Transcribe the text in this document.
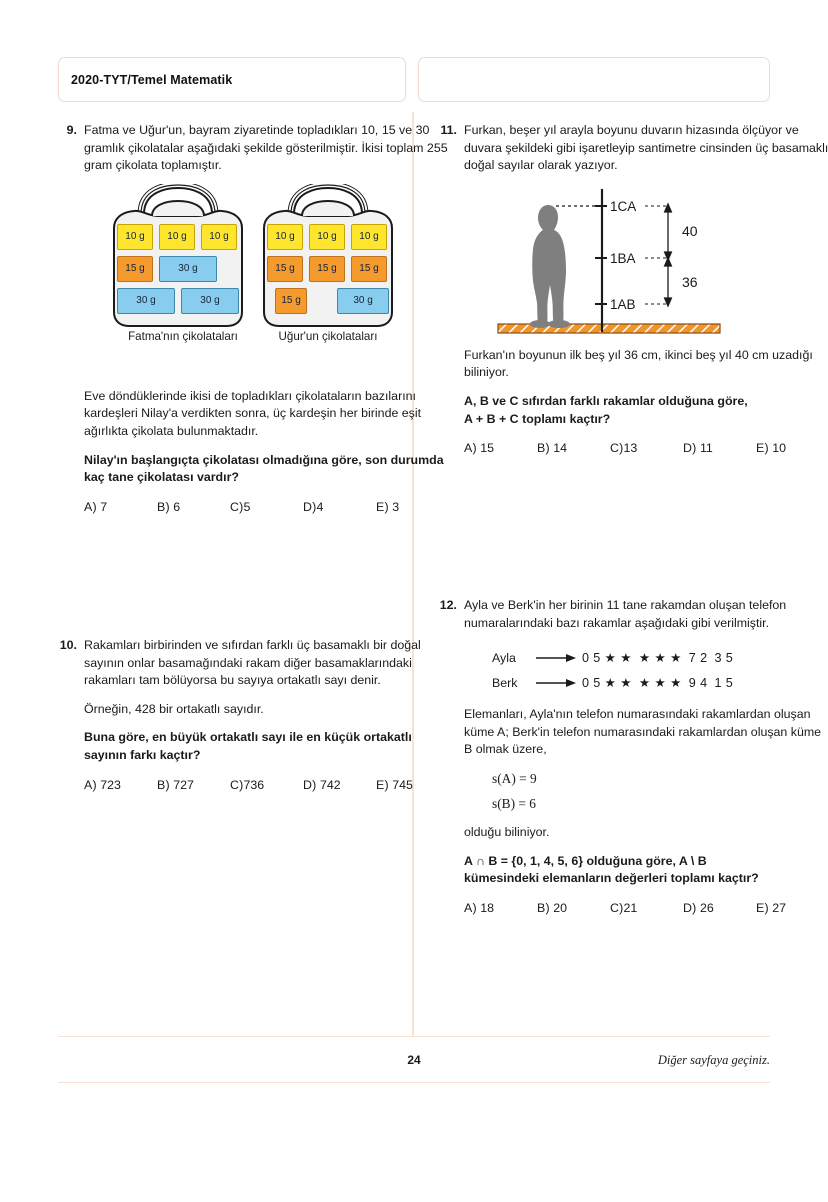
2020-TYT/Temel Matematik
9. Fatma ve Uğur'un, bayram ziyaretinde topladıkları 10, 15 ve 30 gramlık çikolatalar aşağıdaki şekilde gösterilmiştir. İkisi toplam 255 gram çikolata toplamıştır.

10 g	10 g	10 g
15 g	30 g
30 g	30 g
10 g	10 g	10 g
15 g	15 g	15 g
15 g	30 g
Fatma'nın çikolataları	Uğur'un çikolataları

Eve döndüklerinde ikisi de topladıkları çikolataların bazılarını kardeşleri Nilay'a verdikten sonra, üç kardeşin her birinde eşit ağırlıkta çikolata bulunmaktadır.

Nilay'ın başlangıçta çikolatası olmadığına göre, son durumda kaç tane çikolatası vardır?

A) 7	B) 6	C)5	D)4	E) 3
10. Rakamları birbirinden ve sıfırdan farklı üç basamaklı bir doğal sayının onlar basamağındaki rakam diğer basamaklarındaki rakamları tam bölüyorsa bu sayıya ortakatlı sayı denir.

Örneğin, 428 bir ortakatlı sayıdır.

Buna göre, en büyük ortakatlı sayı ile en küçük ortakatlı sayının farkı kaçtır?

A) 723	B) 727	C)736	D) 742	E) 745
11. Furkan, beşer yıl arayla boyunu duvarın hizasında ölçüyor ve duvara şekildeki gibi işaretleyip santimetre cinsinden üç basamaklı doğal sayılar olarak yazıyor.

1CA
1BA
1AB
40
36

Furkan'ın boyunun ilk beş yıl 36 cm, ikinci beş yıl 40 cm uzadığı biliniyor.

A, B ve C sıfırdan farklı rakamlar olduğuna göre,

A + B + C toplamı kaçtır?

A) 15	B) 14	C)13	D) 11	E) 10
12. Ayla ve Berk'in her birinin 11 tane rakamdan oluşan telefon numaralarındaki bazı rakamlar aşağıdaki gibi verilmiştir.

Ayla	0 5 ★ ★ ★ ★ ★ 7 2 3 5
Berk	0 5 ★ ★ ★ ★ ★ 9 4 1 5

Elemanları, Ayla'nın telefon numarasındaki rakamlardan oluşan küme A; Berk'in telefon numarasındaki rakamlardan oluşan küme B olmak üzere,

s(A) = 9
s(B) = 6

olduğu biliniyor.

A ∩ B = {0, 1, 4, 5, 6} olduğuna göre, A \ B

kümesindeki elemanların değerleri toplamı kaçtır?

A) 18	B) 20	C)21	D) 26	E) 27
24	Diğer sayfaya geçiniz.
